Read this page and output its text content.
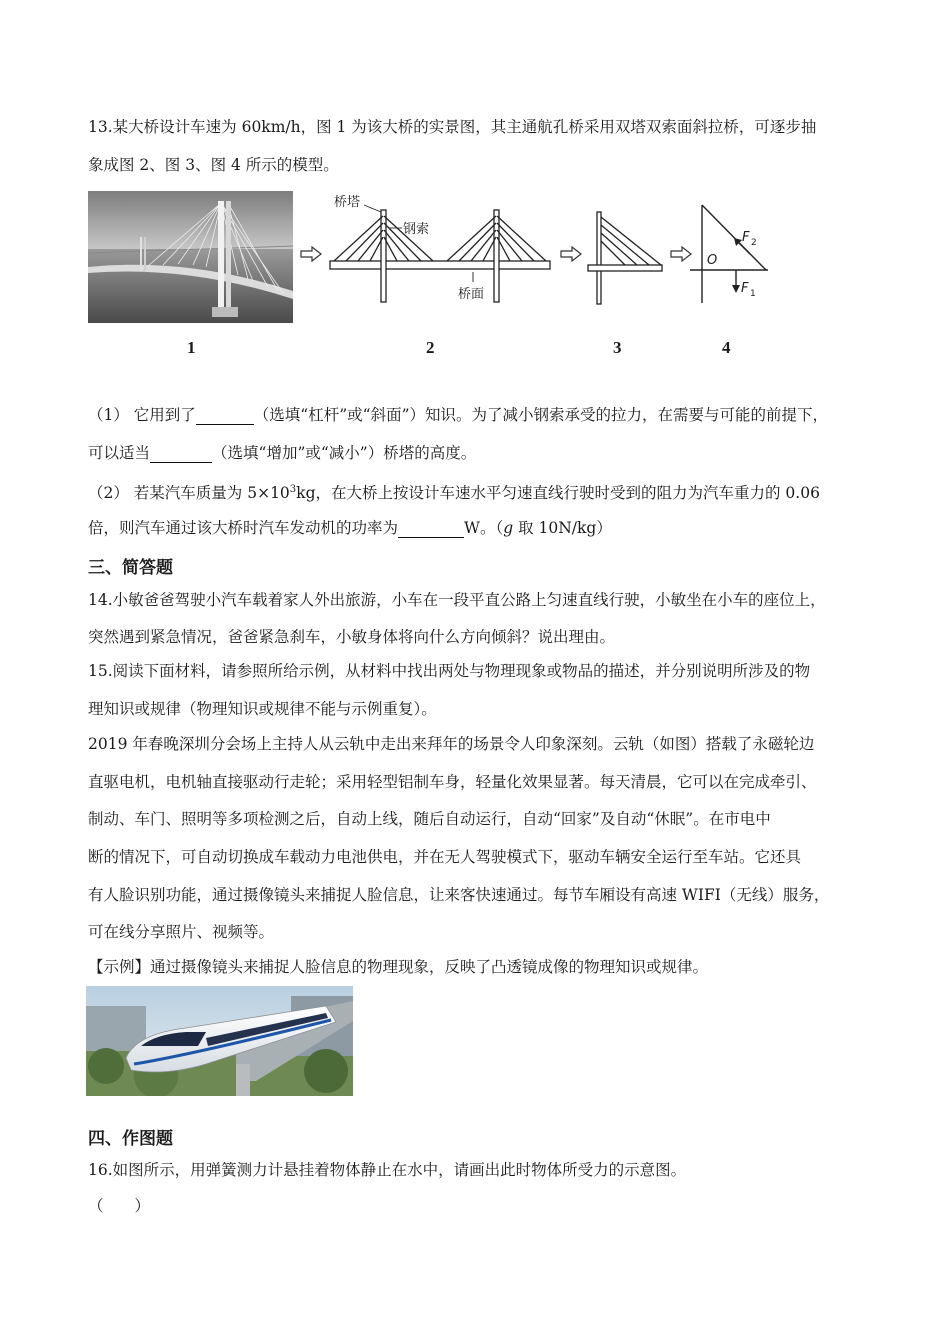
13.某大桥设计车速为 60km/h，图 1 为该大桥的实景图，其主通航孔桥采用双塔双索面斜拉桥，可逐步抽
象成图 2、图 3、图 4 所示的模型。
桥塔
钢索
桥面
O
F 2
F 1
1	2	3	4
（1） 它用到了	（选填“杠杆”或“斜面”）知识。为了减小钢索承受的拉力，在需要与可能的前提下，
可以适当	（选填“增加”或“减小”）桥塔的高度。
（2） 若某汽车质量为 $5\times 10^3kg$，在大桥上按设计车速水平匀速直线行驶时受到的阻力为汽车重力的 0.06
倍，则汽车通过该大桥时汽车发动机的功率为	W。（g 取 10N/kg）
三、简答题
14.小敏爸爸驾驶小汽车载着家人外出旅游，小车在一段平直公路上匀速直线行驶，小敏坐在小车的座位上，
突然遇到紧急情况，爸爸紧急刹车，小敏身体将向什么方向倾斜？说出理由。
15.阅读下面材料，请参照所给示例，从材料中找出两处与物理现象或物品的描述，并分别说明所涉及的物
理知识或规律（物理知识或规律不能与示例重复）。
2019 年春晚深圳分会场上主持人从云轨中走出来拜年的场景令人印象深刻。云轨（如图）搭载了永磁轮边
直驱电机，电机轴直接驱动行走轮；采用轻型铝制车身，轻量化效果显著。每天清晨，它可以在完成牵引、
制动、车门、照明等多项检测之后，自动上线，随后自动运行，自动“回家”及自动“休眠”。在市电中
断的情况下，可自动切换成车载动力电池供电，并在无人驾驶模式下，驱动车辆安全运行至车站。它还具
有人脸识别功能，通过摄像镜头来捕捉人脸信息，让来客快速通过。每节车厢设有高速 WIFI（无线）服务，
可在线分享照片、视频等。
【示例】通过摄像镜头来捕捉人脸信息的物理现象，反映了凸透镜成像的物理知识或规律。
四、作图题
16.如图所示，用弹簧测力计悬挂着物体静止在水中，请画出此时物体所受力的示意图。
（　　）
